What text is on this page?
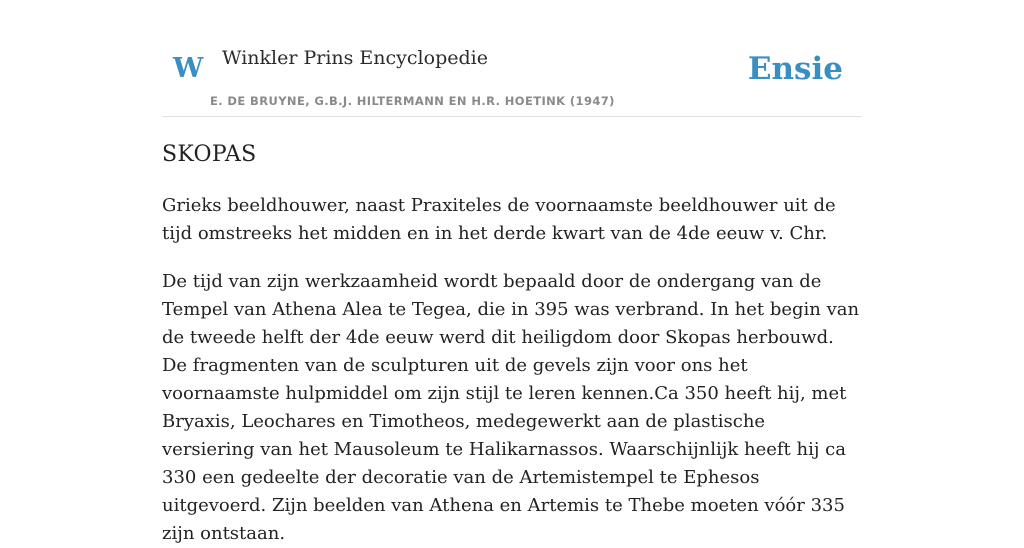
W Winkler Prins Encyclopedie
E. DE BRUYNE, G.B.J. HILTERMANN EN H.R. HOETINK (1947)
Ensie
SKOPAS

Grieks beeldhouwer, naast Praxiteles de voornaamste beeldhouwer uit de tijd omstreeks het midden en in het derde kwart van de 4de eeuw v. Chr.

De tijd van zijn werkzaamheid wordt bepaald door de ondergang van de Tempel van Athena Alea te Tegea, die in 395 was verbrand. In het begin van de tweede helft der 4de eeuw werd dit heiligdom door Skopas herbouwd. De fragmenten van de sculpturen uit de gevels zijn voor ons het voornaamste hulpmiddel om zijn stijl te leren kennen.Ca 350 heeft hij, met Bryaxis, Leochares en Timotheos, medegewerkt aan de plastische versiering van het Mausoleum te Halikarnassos. Waarschijnlijk heeft hij ca 330 een gedeelte der decoratie van de Artemistempel te Ephesos uitgevoerd. Zijn beelden van Athena en Artemis te Thebe moeten vóór 335 zijn ontstaan.
